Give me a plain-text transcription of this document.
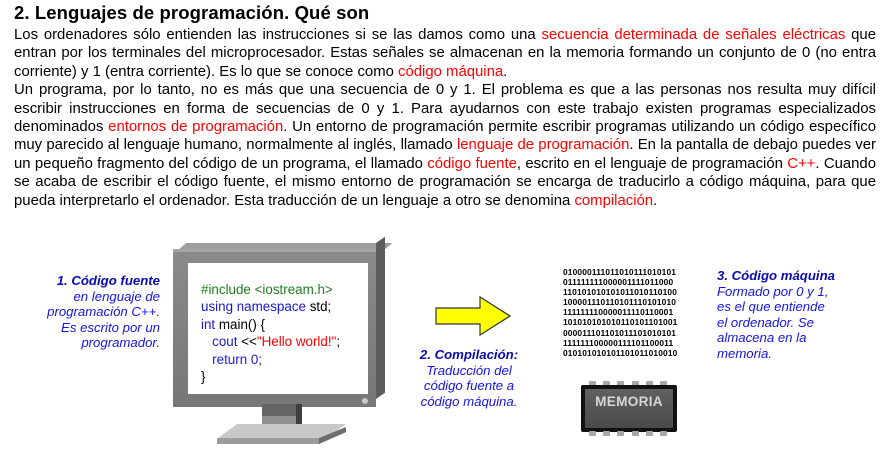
2. Lenguajes de programación. Qué son

Los ordenadores sólo entienden las instrucciones si se las damos como una secuencia determinada de señales eléctricas que entran por los terminales del microprocesador. Estas señales se almacenan en la memoria formando un conjunto de 0 (no entra corriente) y 1 (entra corriente). Es lo que se conoce como código máquina.

Un programa, por lo tanto, no es más que una secuencia de 0 y 1. El problema es que a las personas nos resulta muy difícil escribir instrucciones en forma de secuencias de 0 y 1. Para ayudarnos con este trabajo existen programas especializados denominados entornos de programación. Un entorno de programación permite escribir programas utilizando un código específico muy parecido al lenguaje humano, normalmente al inglés, llamado lenguaje de programación. En la pantalla de debajo puedes ver un pequeño fragmento del código de un programa, el llamado código fuente, escrito en el lenguaje de programación C++. Cuando se acaba de escribir el código fuente, el mismo entorno de programación se encarga de traducirlo a código máquina, para que pueda interpretarlo el ordenador. Esta traducción de un lenguaje a otro se denomina compilación.

1. Código fuente
en lenguaje de
programación C++.
Es escrito por un
programador.
#include <iostream.h>
using namespace std;
int main() {
cout <<"Hello world!";
return 0;
}
2. Compilación:
Traducción del
código fuente a
código máquina.
010000111011010111010101
011111111000001111011000
110101010101011010110100
100001110110101110101010
111111110000011110110001
101010101010110101101001
000011101101011101010101
111111100000111101100011
010101010101101011010010
MEMORIA
3. Código máquina
Formado por 0 y 1,
es el que entiende
el ordenador. Se
almacena en la
memoria.
